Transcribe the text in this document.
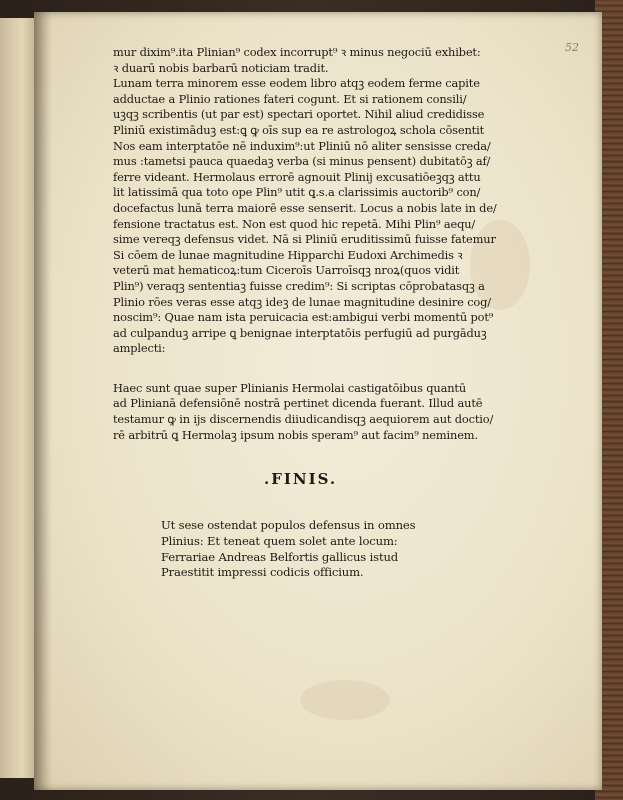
52
mur dixim⁹.ita Plinian⁹ codex incorrupt⁹ ꝛ minus negociū exhibet:
ꝛ duarū nobis barbarū noticiam tradit.
Lunam terra minorem esse eodem libro atqꝫ eodem ferme capite
adductae a Plinio rationes fateri cogunt. Et si rationem consili/
uꝫqꝫ scribentis (ut par est) spectari oportet. Nihil aliud credidisse
Pliniū existimāduꝫ est:ꝗ ꝙ oīs sup ea re astrologoꝝ schola cōsentit
Nos eam interptatōe nē induxim⁹:ut Pliniū nō aliter sensisse creda/
mus :tametsi pauca quaedaꝫ verba (si minus pensent) dubitatōꝫ af/
ferre videant. Hermolaus errorē agnouit Plinij excusatiōeꝫqꝫ attu
lit latissimā qua toto ope Plin⁹ utit ꝗ.s.a clarissimis auctorib⁹ con/
docefactus lunā terra maiorē esse senserit. Locus a nobis late in de/
fensione tractatus est. Non est quod hic repetā. Mihi Plin⁹ aequ/
sime vereqꝫ defensus videt. Nā si Pliniū eruditissimū fuisse fatemur
Si cōem de lunae magnitudine Hipparchi Eudoxi Archimedis ꝛ
veterū mat hematicoꝝ:tum Ciceroīs Uarroīsqꝫ nroꝝ(quos vidit
Plin⁹) veraqꝫ sententiaꝫ fuisse credim⁹: Si scriptas cōprobatasqꝫ a
Plinio rōes veras esse atqꝫ ideꝫ de lunae magnitudine desinire cog/
noscim⁹: Quae nam ista peruicacia est:ambigui verbi momentū pot⁹
ad culpanduꝫ arripe ꝗ benignae interptatōis perfugiū ad purgāduꝫ
amplecti:
Haec sunt quae super Plinianis Hermolai castigatōibus quantū
ad Plinianā defensiōnē nostrā pertinet dicenda fuerant. Illud autē
testamur ꝙ in ijs discernendis diiudicandisqꝫ aequiorem aut doctio/
rē arbitrū ꝗ Hermolaꝫ ipsum nobis speram⁹ aut facim⁹ neminem.
.FINIS.
Ut sese ostendat populos defensus in omnes
Plinius: Et teneat quem solet ante locum:
Ferrariae Andreas Belfortis gallicus istud
Praestitit impressi codicis officium.
